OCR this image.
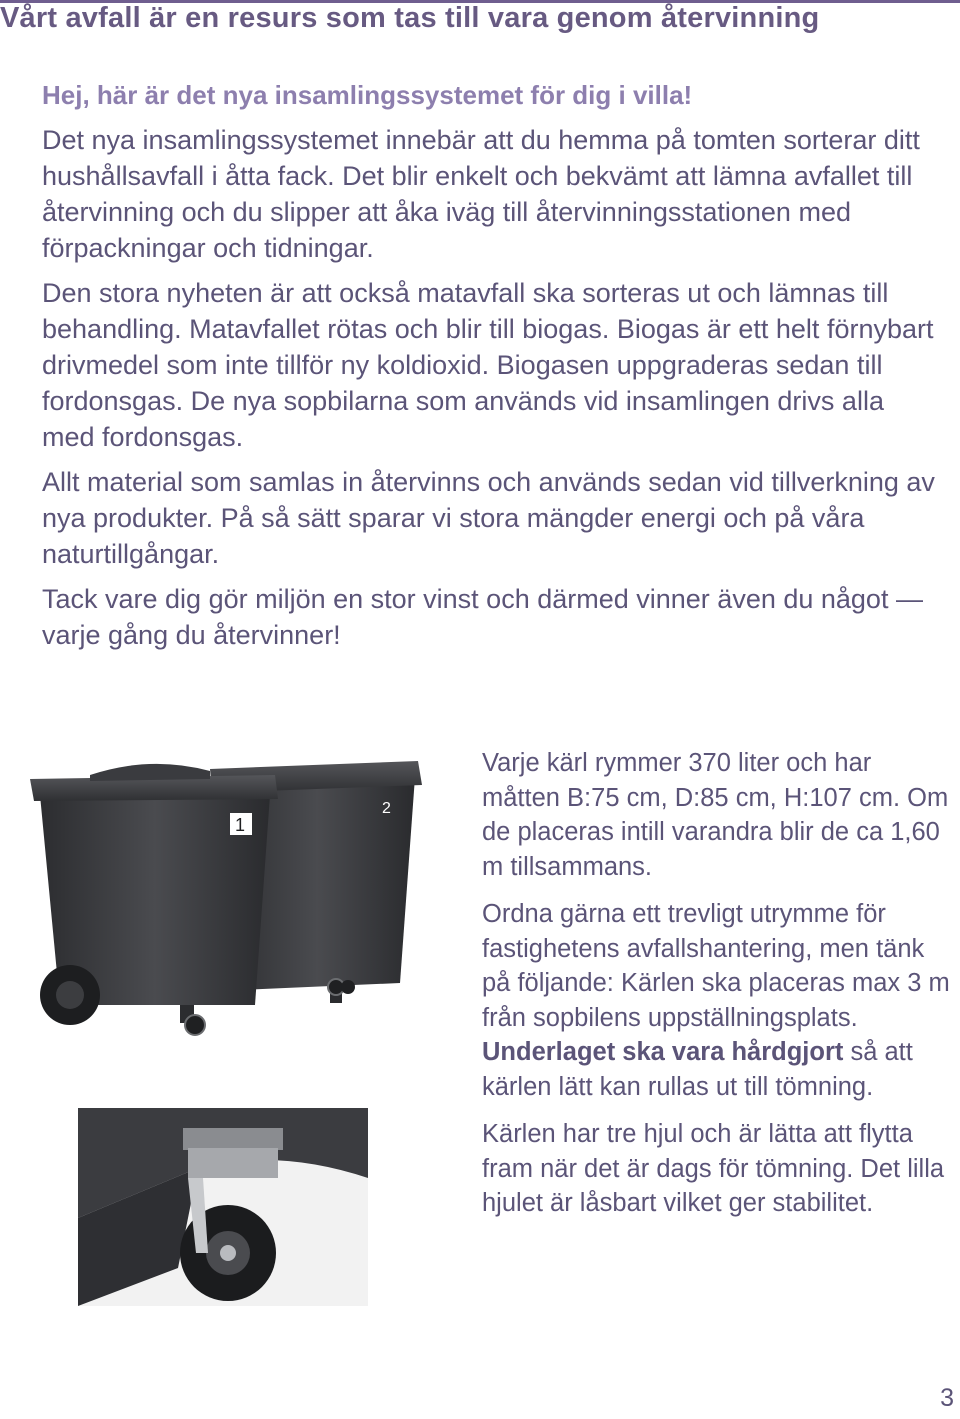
Vårt avfall är en resurs som tas till vara genom återvinning
Hej, här är det nya insamlingssystemet för dig i villa!

Det nya insamlingssystemet innebär att du hemma på tomten sorterar ditt hushållsavfall i åtta fack. Det blir enkelt och bekvämt att lämna avfallet till återvinning och du slipper att åka iväg till återvinningsstationen med förpackningar och tidningar.

Den stora nyheten är att också matavfall ska sorteras ut och lämnas till behandling. Matavfallet rötas och blir till biogas. Biogas är ett helt förnybart drivmedel som inte tillför ny koldioxid. Biogasen uppgraderas sedan till fordonsgas. De nya sopbilarna som används vid insamlingen drivs alla med fordonsgas.

Allt material som samlas in återvinns och används sedan vid tillverkning av nya produkter. På så sätt sparar vi stora mängder energi och på våra naturtillgångar.

Tack vare dig gör miljön en stor vinst och därmed vinner även du något — varje gång du återvinner!

2
1

Varje kärl rymmer 370 liter och har måtten B:75 cm, D:85 cm, H:107 cm. Om de placeras intill varandra blir de ca 1,60 m tillsammans.

Ordna gärna ett trevligt utrymme för fastighetens avfallshantering, men tänk på följande: Kärlen ska placeras max 3 m från sopbilens uppställningsplats. Underlaget ska vara hårdgjort så att kärlen lätt kan rullas ut till tömning.

Kärlen har tre hjul och är lätta att flytta fram när det är dags för tömning. Det lilla hjulet är låsbart vilket ger stabilitet.

3
